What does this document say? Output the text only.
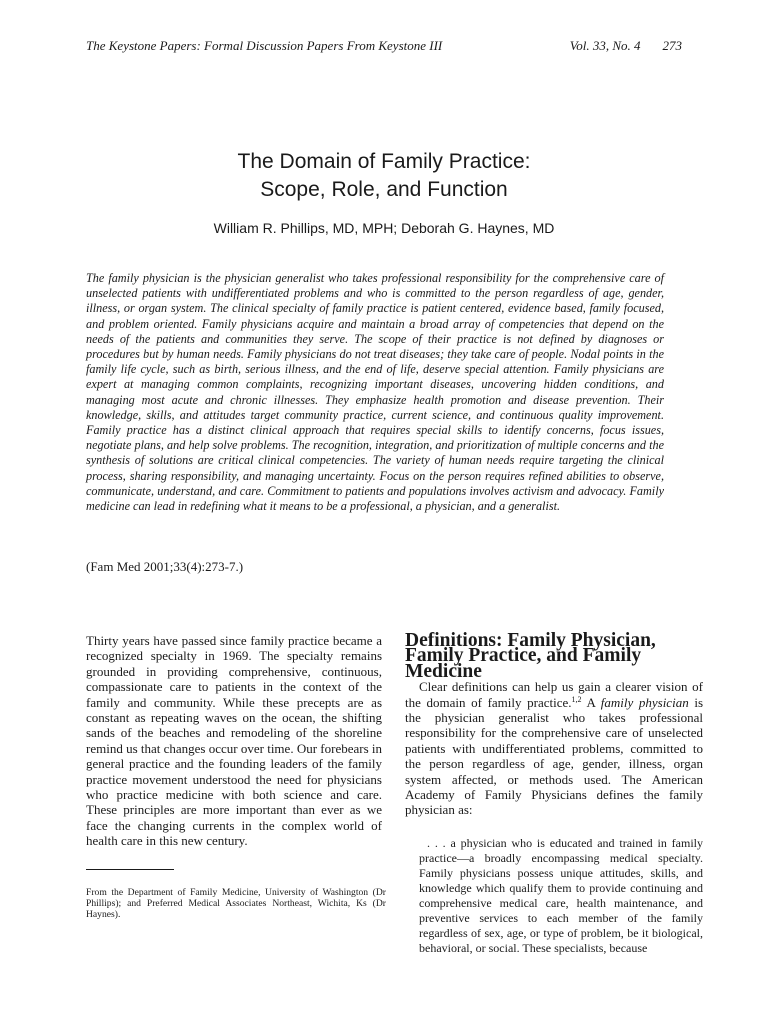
The Keystone Papers: Formal Discussion Papers From Keystone III	Vol. 33, No. 4 273
The Domain of Family Practice:
Scope, Role, and Function
William R. Phillips, MD, MPH; Deborah G. Haynes, MD

The family physician is the physician generalist who takes professional responsibility for the comprehensive care of unselected patients with undifferentiated problems and who is committed to the person regardless of age, gender, illness, or organ system. The clinical specialty of family practice is patient centered, evidence based, family focused, and problem oriented. Family physicians acquire and maintain a broad array of competencies that depend on the needs of the patients and communities they serve. The scope of their practice is not defined by diagnoses or procedures but by human needs. Family physicians do not treat diseases; they take care of people. Nodal points in the family life cycle, such as birth, serious illness, and the end of life, deserve special attention. Family physicians are expert at managing common complaints, recognizing important diseases, uncovering hidden conditions, and managing most acute and chronic illnesses. They emphasize health promotion and disease prevention. Their knowledge, skills, and attitudes target community practice, current science, and continuous quality improvement. Family practice has a distinct clinical approach that requires special skills to identify concerns, focus issues, negotiate plans, and help solve problems. The recognition, integration, and prioritization of multiple concerns and the synthesis of solutions are critical clinical competencies. The variety of human needs require targeting the clinical process, sharing responsibility, and managing uncertainty. Focus on the person requires refined abilities to observe, communicate, understand, and care. Commitment to patients and populations involves activism and advocacy. Family medicine can lead in redefining what it means to be a professional, a physician, and a generalist.

(Fam Med 2001;33(4):273-7.)

Thirty years have passed since family practice became a recognized specialty in 1969. The specialty remains grounded in providing comprehensive, continuous, compassionate care to patients in the context of the family and community. While these precepts are as constant as repeating waves on the ocean, the shifting sands of the beaches and remodeling of the shoreline remind us that changes occur over time. Our forebears in general practice and the founding leaders of the family practice movement understood the need for physicians who practice medicine with both science and care. These principles are more important than ever as we face the changing currents in the complex world of health care in this new century.

From the Department of Family Medicine, University of Washington (Dr Phillips); and Preferred Medical Associates Northeast, Wichita, Ks (Dr Haynes).
Definitions: Family Physician, Family Practice, and Family Medicine

Clear definitions can help us gain a clearer vision of the domain of family practice.$^{1,2}$ A family physician is the physician generalist who takes professional responsibility for the comprehensive care of unselected patients with undifferentiated problems, committed to the person regardless of age, gender, illness, organ system affected, or methods used. The American Academy of Family Physicians defines the family physician as:

. . . a physician who is educated and trained in family practice—a broadly encompassing medical specialty. Family physicians possess unique attitudes, skills, and knowledge which qualify them to provide continuing and comprehensive medical care, health maintenance, and preventive services to each member of the family regardless of sex, age, or type of problem, be it biological, behavioral, or social. These specialists, because
